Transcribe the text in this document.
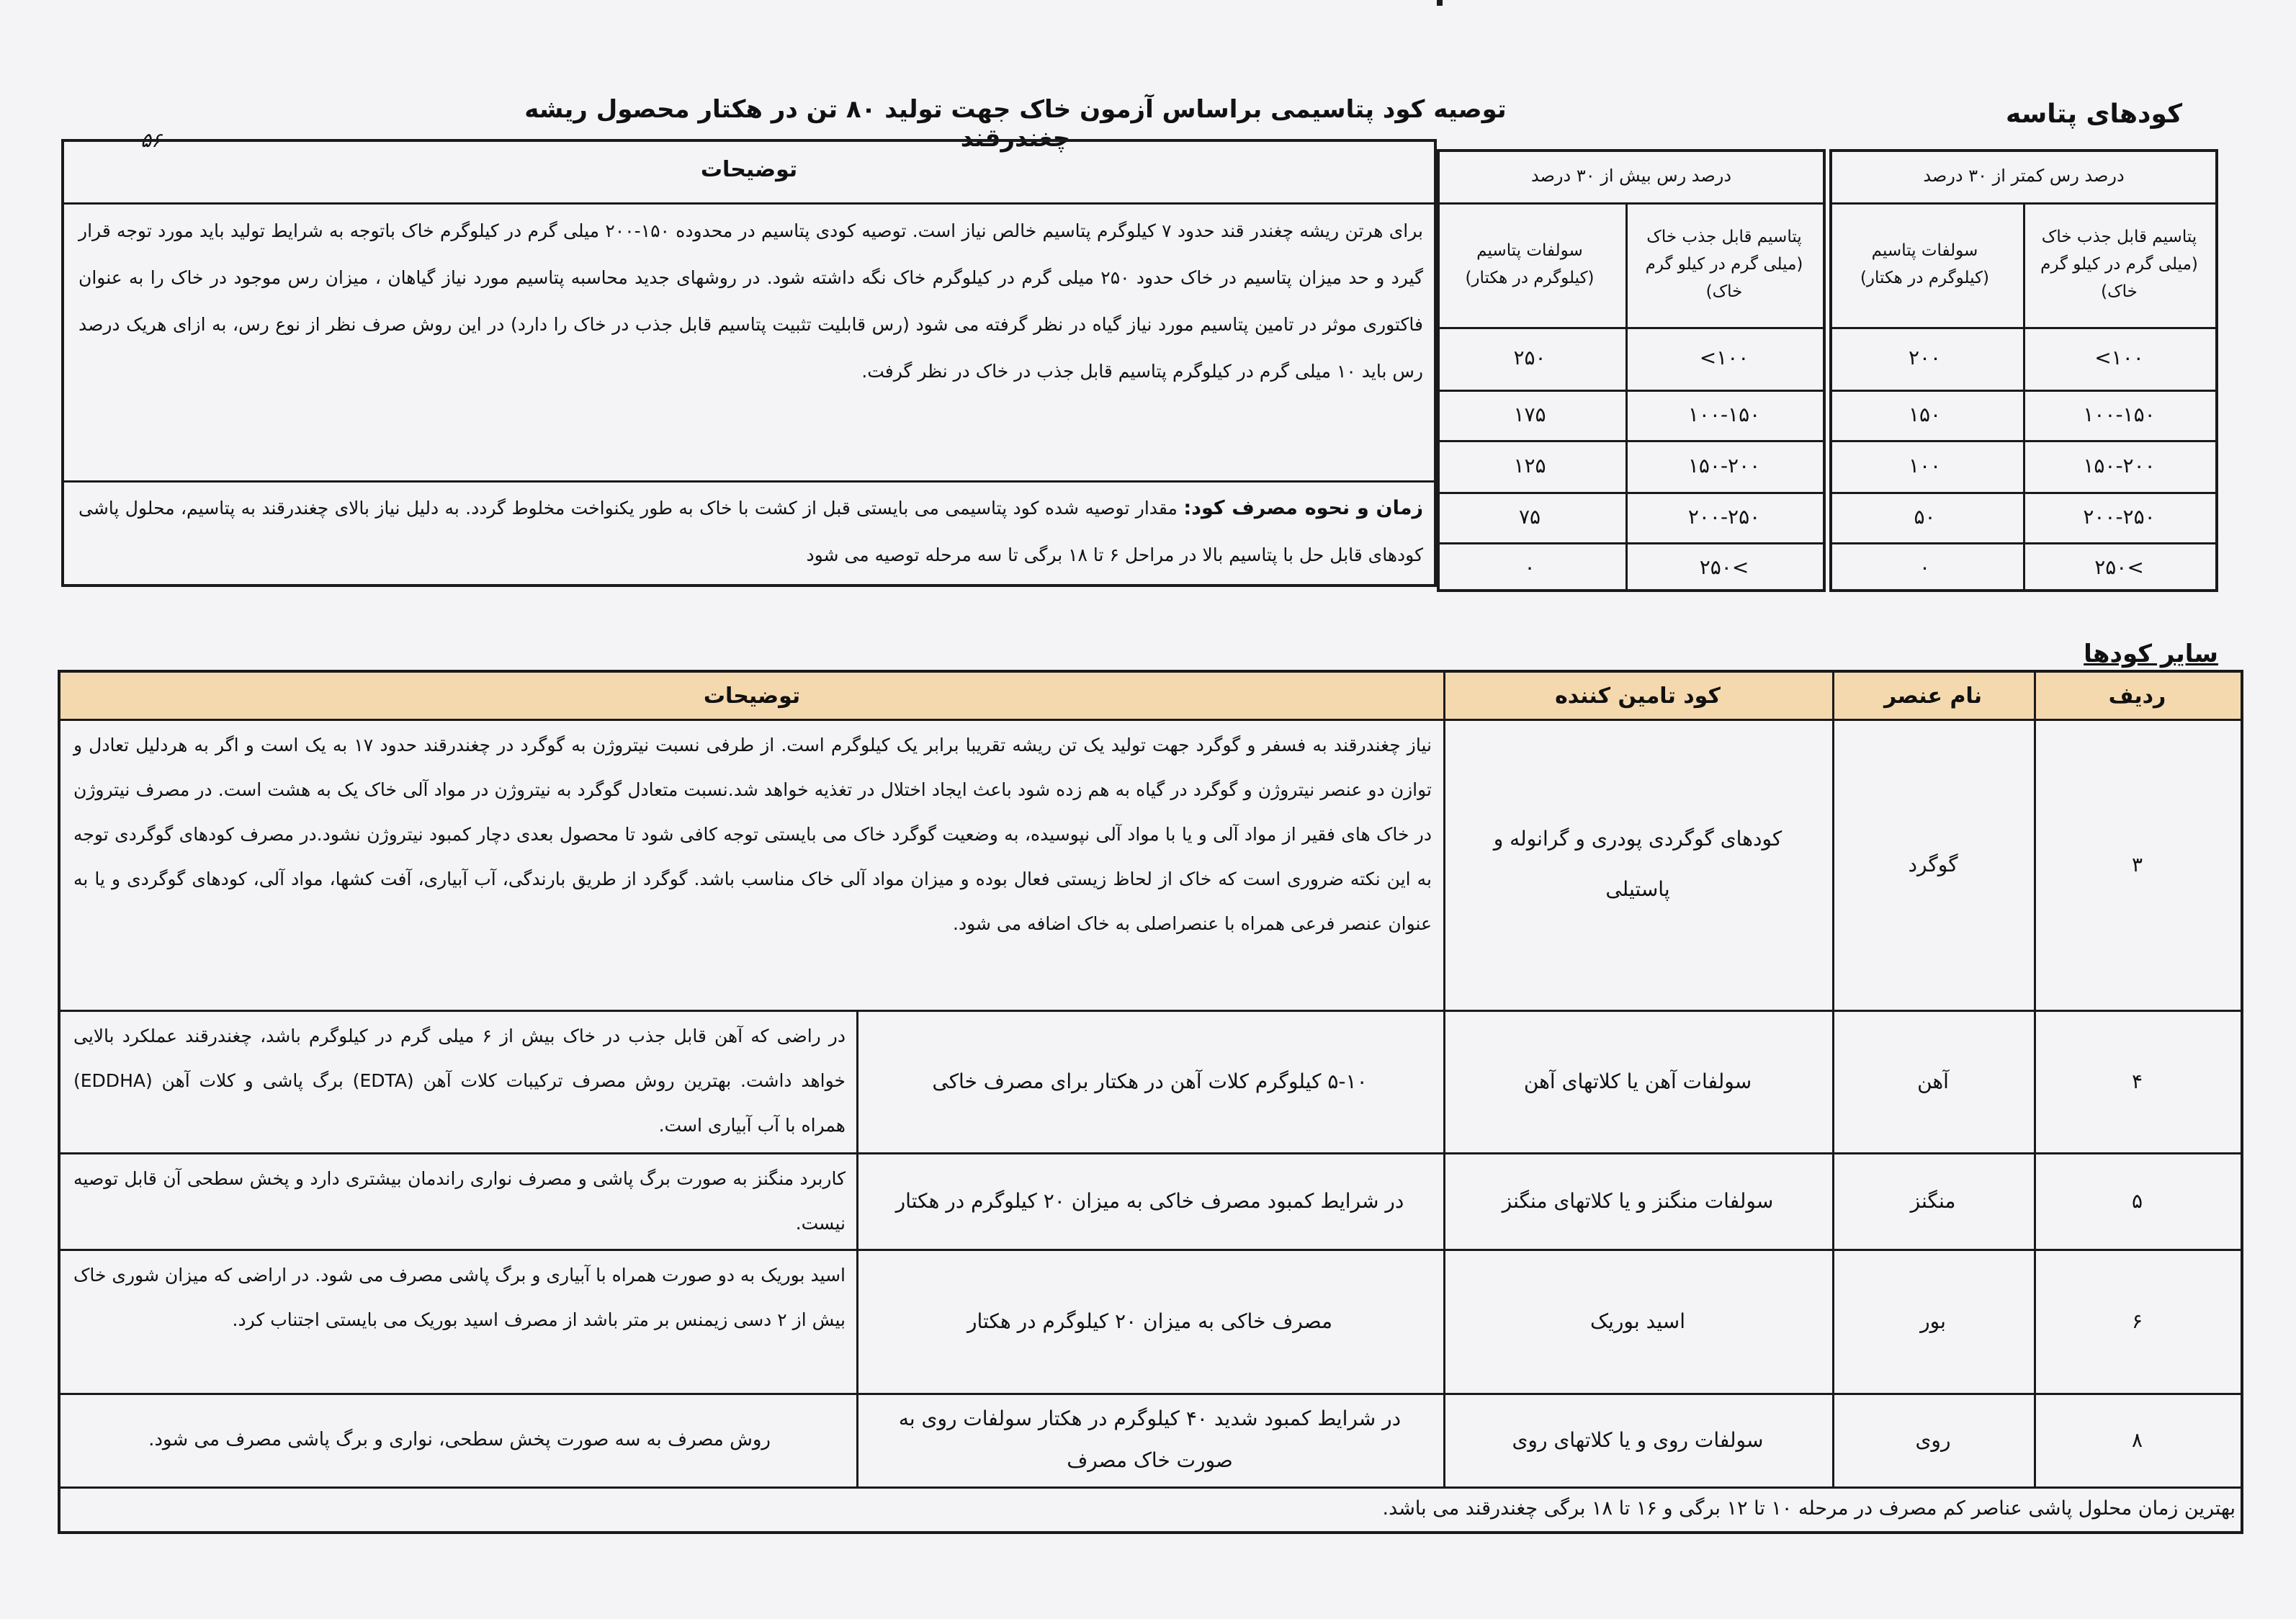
کودهای پتاسه
توصیه کود پتاسیمی براساس آزمون خاک جهت تولید ۸۰ تن در هکتار محصول ریشه چغندرقند
۵۶
توضیحات
برای هرتن ریشه چغندر قند حدود ۷ کیلوگرم پتاسیم خالص نیاز است. توصیه کودی پتاسیم در محدوده ۱۵۰-۲۰۰ میلی گرم در کیلوگرم خاک باتوجه به شرایط تولید باید مورد توجه قرار گیرد و حد میزان پتاسیم در خاک حدود ۲۵۰ میلی گرم در کیلوگرم خاک نگه داشته شود. در روشهای جدید محاسبه پتاسیم مورد نیاز گیاهان ، میزان رس موجود در خاک را به عنوان فاکتوری موثر در تامین پتاسیم مورد نیاز گیاه در نظر گرفته می شود (رس قابلیت تثبیت پتاسیم قابل جذب در خاک را دارد) در این روش صرف نظر از نوع رس، به ازای هریک درصد رس باید ۱۰ میلی گرم در کیلوگرم پتاسیم قابل جذب در خاک در نظر گرفت.
زمان و نحوه مصرف کود: مقدار توصیه شده کود پتاسیمی می بایستی قبل از کشت با خاک به طور یکنواخت مخلوط گردد. به دلیل نیاز بالای چغندرقند به پتاسیم، محلول پاشی کودهای قابل حل با پتاسیم بالا در مراحل ۶ تا ۱۸ برگی تا سه مرحله توصیه می شود
درصد رس بیش از ۳۰ درصد
پتاسیم قابل جذب خاک (میلی گرم در کیلو گرم خاک)
سولفات پتاسیم (کیلوگرم در هکتار)
<۱۰۰
۲۵۰
۱۰۰-۱۵۰
۱۷۵
۱۵۰-۲۰۰
۱۲۵
۲۰۰-۲۵۰
۷۵
۲۵۰<
۰
درصد رس کمتر از ۳۰ درصد
پتاسیم قابل جذب خاک (میلی گرم در کیلو گرم خاک)
سولفات پتاسیم (کیلوگرم در هکتار)
<۱۰۰
۲۰۰
۱۰۰-۱۵۰
۱۵۰
۱۵۰-۲۰۰
۱۰۰
۲۰۰-۲۵۰
۵۰
۲۵۰<
۰
سایر کودها
ردیف
نام عنصر
کود تامین کننده
توضیحات
۳
گوگرد
کودهای گوگردی پودری و گرانوله و پاستیلی
نیاز چغندرقند به فسفر و گوگرد جهت تولید یک تن ریشه تقریبا برابر یک کیلوگرم است. از طرفی نسبت نیتروژن به گوگرد در چغندرقند حدود ۱۷ به یک است و اگر به هردلیل تعادل و توازن دو عنصر نیتروژن و گوگرد در گیاه به هم زده شود باعث ایجاد اختلال در تغذیه خواهد شد.نسبت متعادل گوگرد به نیتروژن در مواد آلی خاک یک به هشت است. در مصرف نیتروژن در خاک های فقیر از مواد آلی و یا با مواد آلی نپوسیده، به وضعیت گوگرد خاک می بایستی توجه کافی شود تا محصول بعدی دچار کمبود نیتروژن نشود.در مصرف کودهای گوگردی توجه به این نکته ضروری است که خاک از لحاظ زیستی فعال بوده و میزان مواد آلی خاک مناسب باشد. گوگرد از طریق بارندگی، آب آبیاری، آفت کشها، مواد آلی، کودهای گوگردی و یا به عنوان عنصر فرعی همراه با عنصراصلی به خاک اضافه می شود.
۴
آهن
سولفات آهن یا کلاتهای آهن
۵-۱۰ کیلوگرم کلات آهن در هکتار برای مصرف خاکی
در راضی که آهن قابل جذب در خاک بیش از ۶ میلی گرم در کیلوگرم باشد، چغندرقند عملکرد بالایی خواهد داشت. بهترین روش مصرف ترکیبات کلات آهن (EDTA) برگ پاشی و کلات آهن (EDDHA) همراه با آب آبیاری است.
۵
منگنز
سولفات منگنز و یا کلاتهای منگنز
در شرایط کمبود مصرف خاکی به میزان ۲۰ کیلوگرم در هکتار
کاربرد منگنز به صورت برگ پاشی و مصرف نواری راندمان بیشتری دارد و پخش سطحی آن قابل توصیه نیست.
۶
بور
اسید بوریک
مصرف خاکی به میزان ۲۰ کیلوگرم در هکتار
اسید بوریک به دو صورت همراه با آبیاری و برگ پاشی مصرف می شود. در اراضی که میزان شوری خاک بیش از ۲ دسی زیمنس بر متر باشد از مصرف اسید بوریک می بایستی اجتناب کرد.
۸
روی
سولفات روی و یا کلاتهای روی
در شرایط کمبود شدید ۴۰ کیلوگرم در هکتار سولفات روی به صورت خاک مصرف
روش مصرف به سه صورت پخش سطحی، نواری و برگ پاشی مصرف می شود.
بهترین زمان محلول پاشی عناصر کم مصرف در مرحله ۱۰ تا ۱۲ برگی و ۱۶ تا ۱۸ برگی چغندرقند می باشد.
